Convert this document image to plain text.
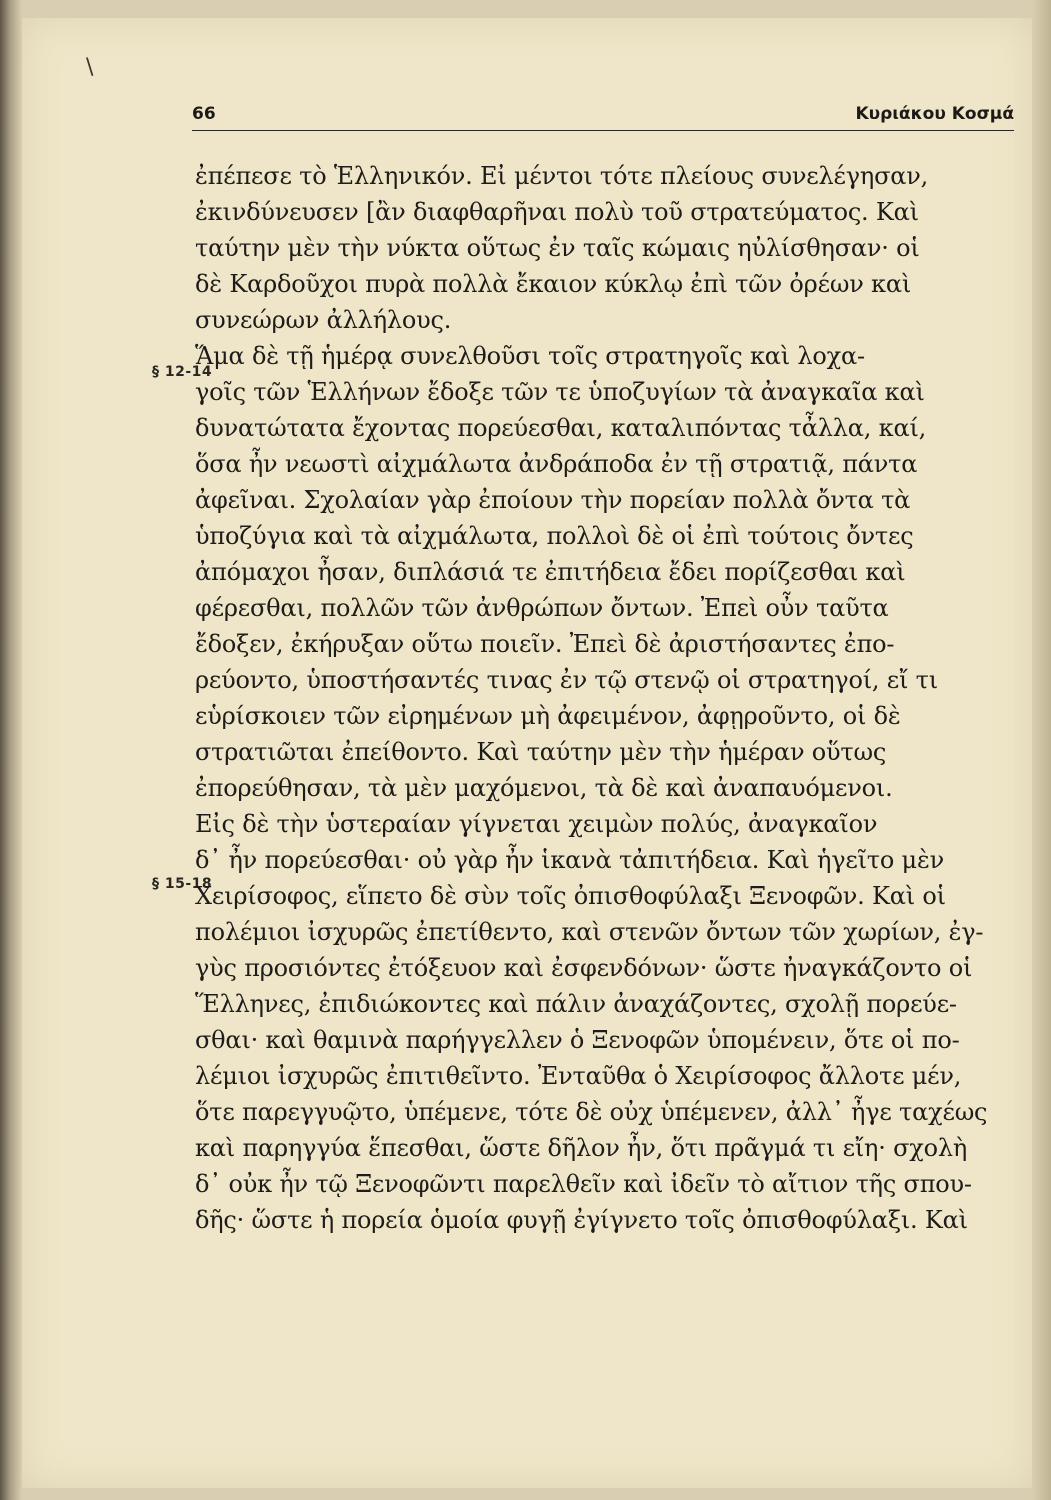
\
66	Κυριάκου Κοσμά
§ 12-14
§ 15-18
ἐπέπεσε τὸ Ἑλληνικόν. Εἰ μέντοι τότε πλείους συνελέγησαν,
ἐκινδύνευσεν [ἂν διαφθαρῆναι πολὺ τοῦ στρατεύματος. Καὶ
ταύτην μὲν τὴν νύκτα οὕτως ἐν ταῖς κώμαις ηὐλίσθησαν· οἱ
δὲ Καρδοῦχοι πυρὰ πολλὰ ἔκαιον κύκλῳ ἐπὶ τῶν ὀρέων καὶ
συνεώρων ἀλλήλους.
Ἅμα δὲ τῇ ἡμέρᾳ συνελθοῦσι τοῖς στρατηγοῖς καὶ λοχα-
γοῖς τῶν Ἑλλήνων ἔδοξε τῶν τε ὑποζυγίων τὰ ἀναγκαῖα καὶ
δυνατώτατα ἔχοντας πορεύεσθαι, καταλιπόντας τἆλλα, καί,
ὅσα ἦν νεωστὶ αἰχμάλωτα ἀνδράποδα ἐν τῇ στρατιᾷ, πάντα
ἀφεῖναι. Σχολαίαν γὰρ ἐποίουν τὴν πορείαν πολλὰ ὄντα τὰ
ὑποζύγια καὶ τὰ αἰχμάλωτα, πολλοὶ δὲ οἱ ἐπὶ τούτοις ὄντες
ἀπόμαχοι ἦσαν, διπλάσιά τε ἐπιτήδεια ἔδει πορίζεσθαι καὶ
φέρεσθαι, πολλῶν τῶν ἀνθρώπων ὄντων. Ἐπεὶ οὖν ταῦτα
ἔδοξεν, ἐκήρυξαν οὕτω ποιεῖν. Ἐπεὶ δὲ ἀριστήσαντες ἐπο-
ρεύοντο, ὑποστήσαντές τινας ἐν τῷ στενῷ οἱ στρατηγοί, εἴ τι
εὑρίσκοιεν τῶν εἰρημένων μὴ ἀφειμένον, ἀφῃροῦντο, οἱ δὲ
στρατιῶται ἐπείθοντο. Καὶ ταύτην μὲν τὴν ἡμέραν οὕτως
ἐπορεύθησαν, τὰ μὲν μαχόμενοι, τὰ δὲ καὶ ἀναπαυόμενοι.
Εἰς δὲ τὴν ὑστεραίαν γίγνεται χειμὼν πολύς, ἀναγκαῖον
δ᾽ ἦν πορεύεσθαι· οὐ γὰρ ἦν ἱκανὰ τἀπιτήδεια. Καὶ ἡγεῖτο μὲν
Χειρίσοφος, εἵπετο δὲ σὺν τοῖς ὀπισθοφύλαξι Ξενοφῶν. Καὶ οἱ
πολέμιοι ἰσχυρῶς ἐπετίθεντο, καὶ στενῶν ὄντων τῶν χωρίων, ἐγ-
γὺς προσιόντες ἐτόξευον καὶ ἐσφενδόνων· ὥστε ἠναγκάζοντο οἱ
Ἕλληνες, ἐπιδιώκοντες καὶ πάλιν ἀναχάζοντες, σχολῇ πορεύε-
σθαι· καὶ θαμινὰ παρήγγελλεν ὁ Ξενοφῶν ὑπομένειν, ὅτε οἱ πο-
λέμιοι ἰσχυρῶς ἐπιτιθεῖντο. Ἐνταῦθα ὁ Χειρίσοφος ἄλλοτε μέν,
ὅτε παρεγγυῷτο, ὑπέμενε, τότε δὲ οὐχ ὑπέμενεν, ἀλλ᾽ ἦγε ταχέως
καὶ παρηγγύα ἕπεσθαι, ὥστε δῆλον ἦν, ὅτι πρᾶγμά τι εἴη· σχολὴ
δ᾽ οὐκ ἦν τῷ Ξενοφῶντι παρελθεῖν καὶ ἰδεῖν τὸ αἴτιον τῆς σπου-
δῆς· ὥστε ἡ πορεία ὁμοία φυγῇ ἐγίγνετο τοῖς ὀπισθοφύλαξι. Καὶ
